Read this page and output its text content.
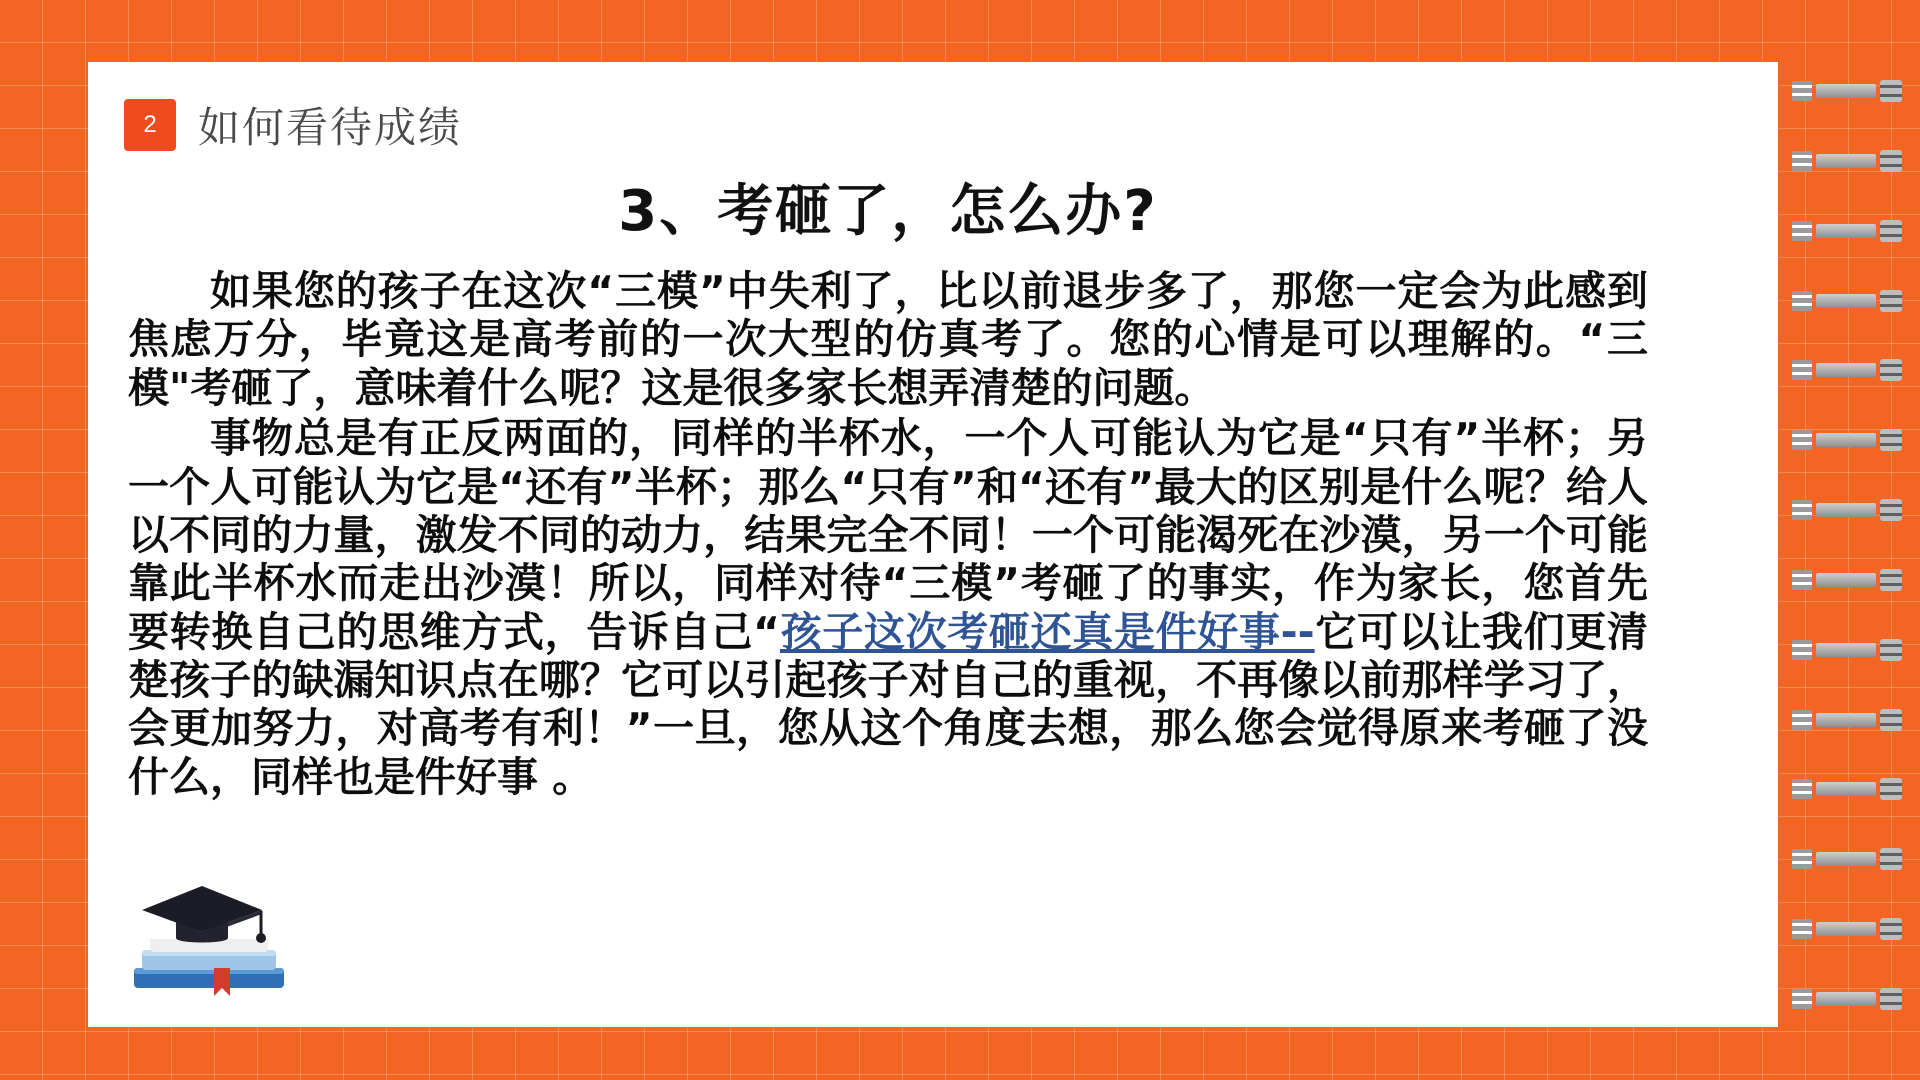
2 如何看待成绩
3、考砸了，怎么办?

如果您的孩子在这次“三模”中失利了，比以前退步多了，那您一定会为此感到焦虑万分，毕竟这是高考前的一次大型的仿真考了。您的心情是可以理解的。“三模"考砸了，意味着什么呢？这是很多家长想弄清楚的问题。

事物总是有正反两面的，同样的半杯水，一个人可能认为它是“只有”半杯；另一个人可能认为它是“还有”半杯；那么“只有”和“还有”最大的区别是什么呢？给人以不同的力量，激发不同的动力，结果完全不同！一个可能渴死在沙漠，另一个可能靠此半杯水而走出沙漠！所以，同样对待“三模”考砸了的事实，作为家长，您首先要转换自己的思维方式，告诉自己“孩子这次考砸还真是件好事--它可以让我们更清楚孩子的缺漏知识点在哪？它可以引起孩子对自己的重视，不再像以前那样学习了，会更加努力，对高考有利！”一旦，您从这个角度去想，那么您会觉得原来考砸了没什么，同样也是件好事 。
